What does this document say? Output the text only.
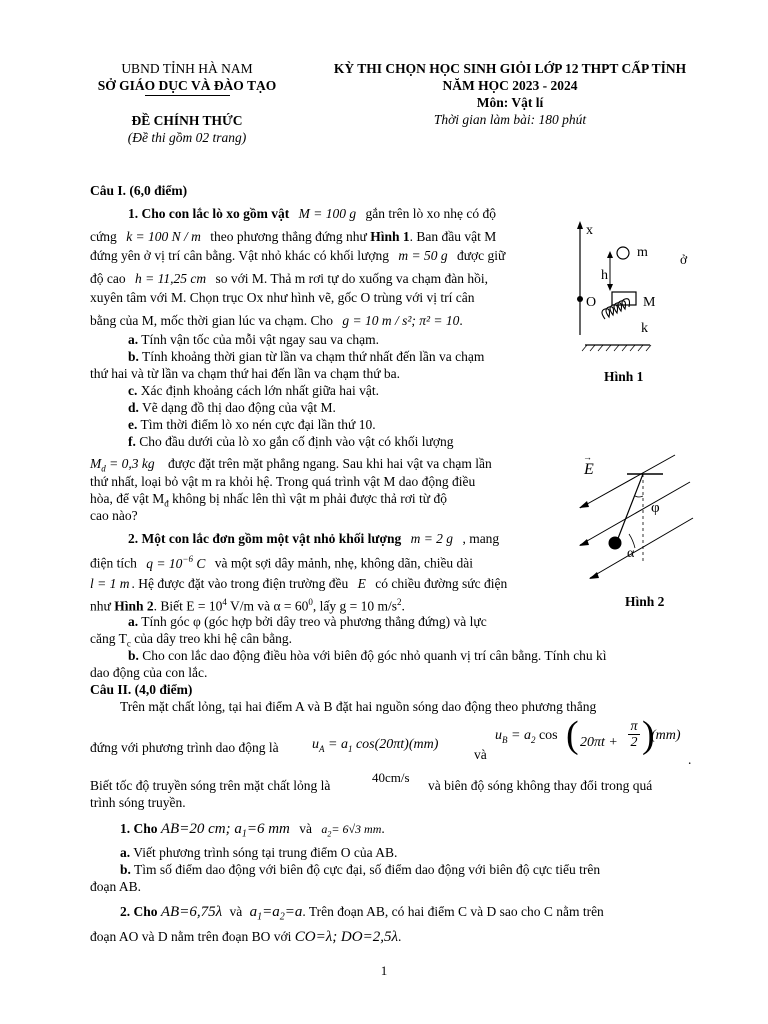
UBND TỈNH HÀ NAM
SỞ GIÁO DỤC VÀ ĐÀO TẠO
ĐỀ CHÍNH THỨC
(Đề thi gồm 02 trang)
KỲ THI CHỌN HỌC SINH GIỎI LỚP 12 THPT CẤP TỈNH
NĂM HỌC 2023 - 2024
Môn: Vật lí
Thời gian làm bài: 180 phút
Câu I. (6,0 điểm)
1. Cho con lắc lò xo gồm vật M = 100 g gắn trên lò xo nhẹ có độ
cứng k = 100 N / m theo phương thẳng đứng như Hình 1. Ban đầu vật M
đứng yên ở vị trí cân bằng. Vật nhỏ khác có khối lượng m = 50 g được giữ	ở
độ cao h = 11,25 cm so với M. Thả m rơi tự do xuống va chạm đàn hồi,
xuyên tâm với M. Chọn trục Ox như hình vẽ, gốc O trùng với vị trí cân
bằng của M, mốc thời gian lúc va chạm. Cho g = 10 m / s²; π² = 10.
a. Tính vận tốc của mỗi vật ngay sau va chạm.
b. Tính khoảng thời gian từ lần va chạm thứ nhất đến lần va chạm
thứ hai và từ lần va chạm thứ hai đến lần va chạm thứ ba.
c. Xác định khoảng cách lớn nhất giữa hai vật.
d. Vẽ dạng đồ thị dao động của vật M.
e. Tìm thời điểm lò xo nén cực đại lần thứ 10.
f. Cho đầu dưới của lò xo gắn cố định vào vật có khối lượng
$M_d = 0,3$ kg được đặt trên mặt phẳng ngang. Sau khi hai vật va chạm lần
thứ nhất, loại bỏ vật m ra khỏi hệ. Trong quá trình vật M dao động điều
hòa, để vật $M_đ$ không bị nhấc lên thì vật m phải được thả rơi từ độ
cao nào?
2. Một con lắc đơn gồm một vật nhỏ khối lượng m = 2 g , mang
điện tích $q = 10^{-6}$ C và một sợi dây mảnh, nhẹ, không dãn, chiều dài
l = 1 m . Hệ được đặt vào trong điện trường đều E có chiều đường sức điện
như Hình 2. Biết $E = 10^4$ V/m và $\alpha = 60^0$, lấy g = 10 $m/s^2$.
a. Tính góc φ (góc hợp bởi dây treo và phương thẳng đứng) và lực
căng $T_c$ của dây treo khi hệ cân bằng.
b. Cho con lắc dao động điều hòa với biên độ góc nhỏ quanh vị trí cân bằng. Tính chu kì
dao động của con lắc.
x
m
h
O	M
k
Hình 1
E
→
φ
α
Hình 2
Câu II. (4,0 điểm)
Trên mặt chất lỏng, tại hai điểm A và B đặt hai nguồn sóng dao động theo phương thẳng
đứng với phương trình dao động là $u_A = a_1$ cos(20πt)(mm)
và
$u_B = a_2$ cos ( $20\pi t + \frac{\pi}{2}$ )
(mm)
.
Biết tốc độ truyền sóng trên mặt chất lỏng là
40cm/s
và biên độ sóng không thay đổi trong quá
trình sóng truyền.
1. Cho AB=20 cm; $a_1=6$ mm và $a_2= 6√3$ mm.
a. Viết phương trình sóng tại trung điểm O của AB.
b. Tìm số điểm dao động với biên độ cực đại, số điểm dao động với biên độ cực tiểu trên
đoạn AB.
2. Cho AB=6,75λ và $a_1=a_2=a$. Trên đoạn AB, có hai điểm C và D sao cho C nằm trên
đoạn AO và D nằm trên đoạn BO với CO=λ; DO=2,5λ.
1
